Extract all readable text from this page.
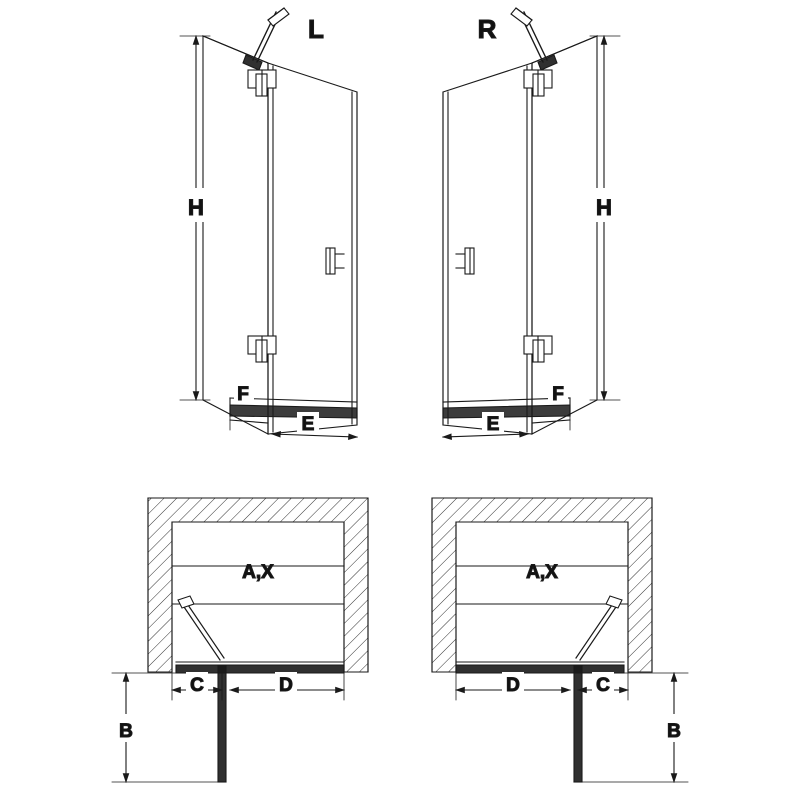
H
F
E
L
H
F
E
R
A,X
C	D
B
A,X
D	C
B
